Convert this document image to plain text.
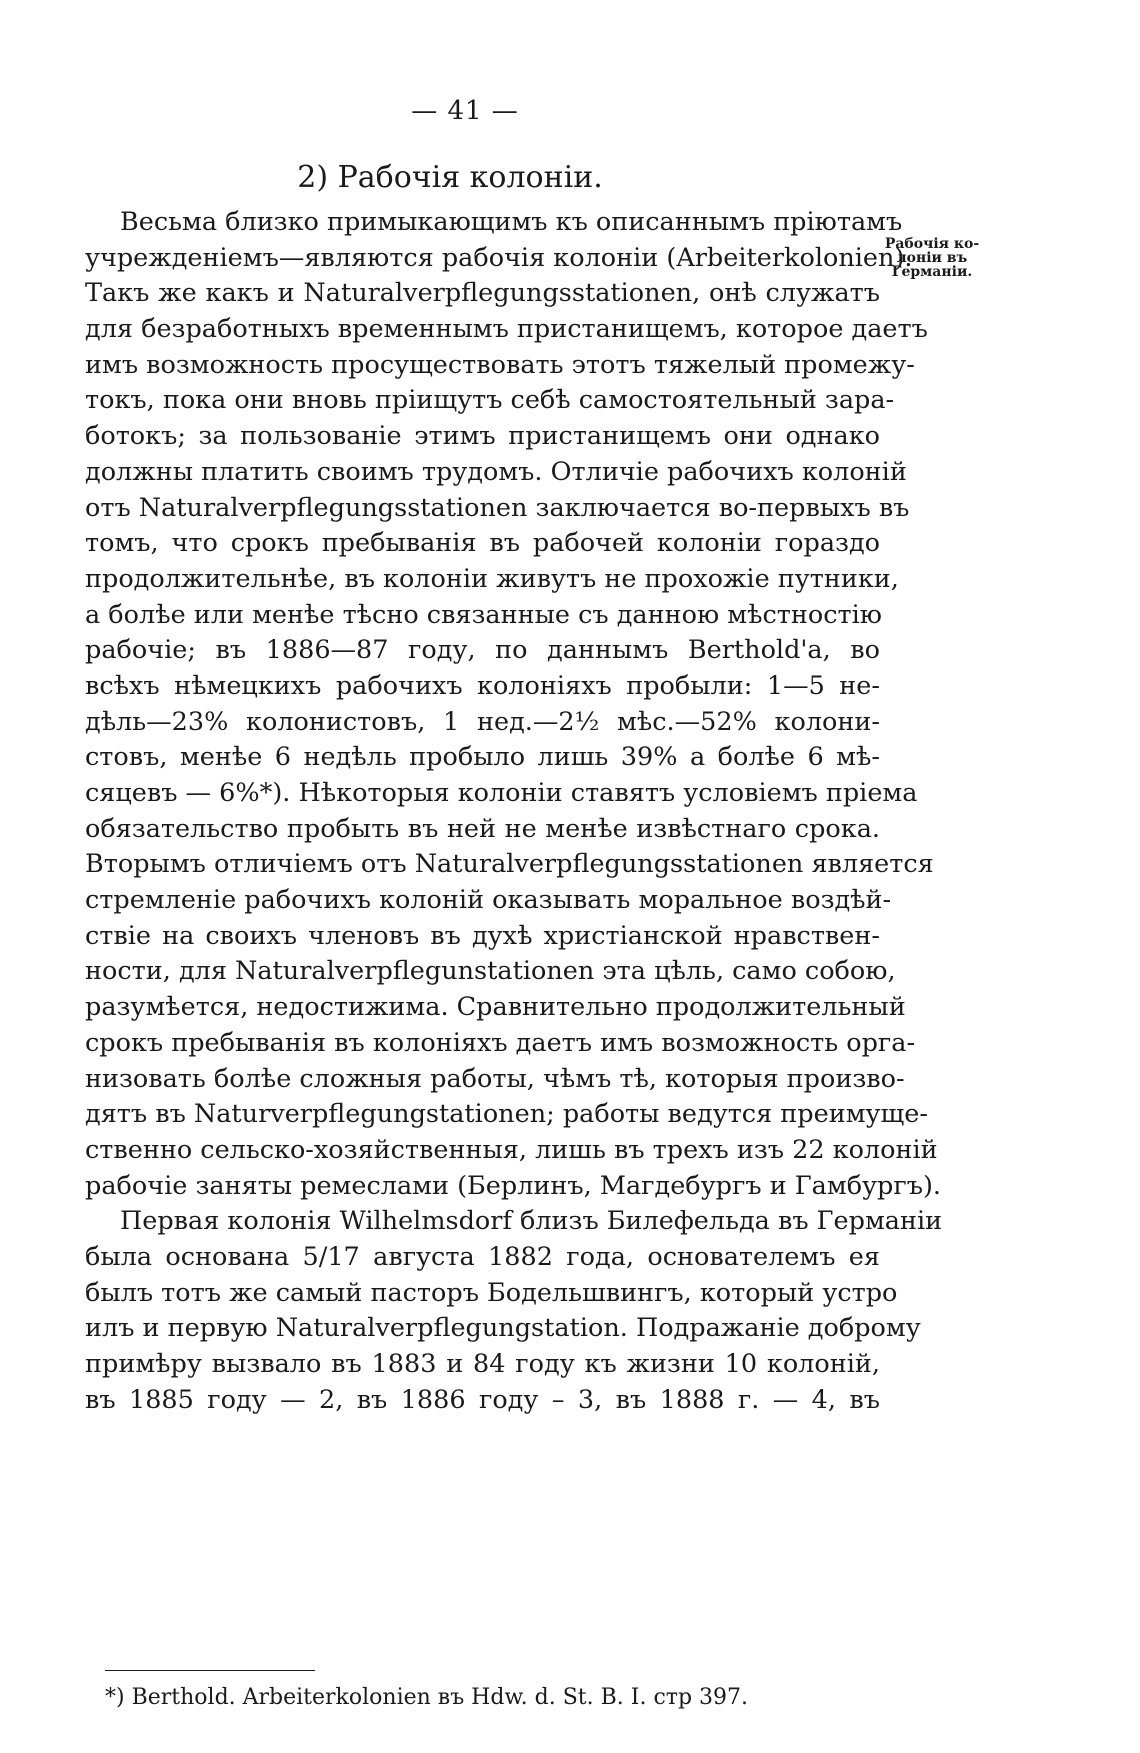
— 41 —
2) Рабочія колоніи.
Рабочія ко-
лоніи въ
Германіи.
Весьма близко примыкающимъ къ описаннымъ пріютамъ
учрежденіемъ—являются рабочія колоніи (Arbeiterkolonien).
Такъ же какъ и Naturalverpflegungsstationen, онѣ служатъ
для безработныхъ временнымъ пристанищемъ, которое даетъ
имъ возможность просуществовать этотъ тяжелый промежу-
токъ, пока они вновь пріищутъ себѣ самостоятельный зара-
ботокъ; за пользованіе этимъ пристанищемъ они однако
должны платить своимъ трудомъ. Отличіе рабочихъ колоній
отъ Naturalverpflegungsstationen заключается во-первыхъ въ
томъ, что срокъ пребыванія въ рабочей колоніи гораздо
продолжительнѣе, въ колоніи живутъ не прохожіе путники,
а болѣе или менѣе тѣсно связанные съ данною мѣстностію
рабочіе; въ 1886—87 году, по даннымъ Berthold'а, во
всѣхъ нѣмецкихъ рабочихъ колоніяхъ пробыли: 1—5 не-
дѣль—23% колонистовъ, 1 нед.—2½ мѣс.—52% колони-
стовъ, менѣе 6 недѣль пробыло лишь 39% а болѣе 6 мѣ-
сяцевъ — 6%*). Нѣкоторыя колоніи ставятъ условіемъ пріема
обязательство пробыть въ ней не менѣе извѣстнаго срока.
Вторымъ отличіемъ отъ Naturalverpflegungsstationen является
стремленіе рабочихъ колоній оказывать моральное воздѣй-
ствіе на своихъ членовъ въ духѣ христіанской нравствен-
ности, для Naturalverpflegunstationen эта цѣль, само собою,
разумѣется, недостижима. Сравнительно продолжительный
срокъ пребыванія въ колоніяхъ даетъ имъ возможность орга-
низовать болѣе сложныя работы, чѣмъ тѣ, которыя произво-
дятъ въ Naturverpflegungstationen; работы ведутся преимуще-
ственно сельско-хозяйственныя, лишь въ трехъ изъ 22 колоній
рабочіе заняты ремеслами (Берлинъ, Магдебургъ и Гамбургъ).
Первая колонія Wilhelmsdorf близъ Билефельда въ Германіи
была основана 5/17 августа 1882 года, основателемъ ея
былъ тотъ же самый пасторъ Бодельшвингъ, который устро
илъ и первую Naturalverpflegungstation. Подражаніе доброму
примѣру вызвало въ 1883 и 84 году къ жизни 10 колоній,
въ 1885 году — 2, въ 1886 году – 3, въ 1888 г. — 4, въ
*) Berthold. Arbeiterkolonien въ Hdw. d. St. B. I. стр 397.
